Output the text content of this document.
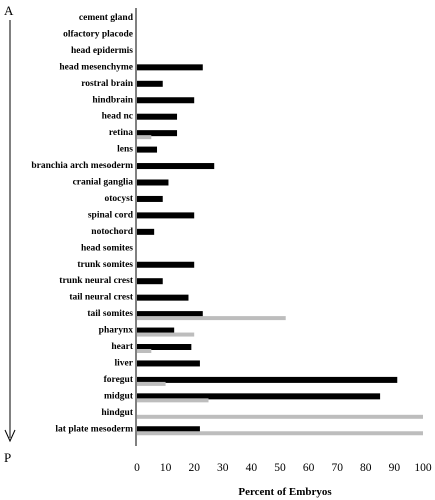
A
P
cement gland
olfactory placode
head epidermis
head mesenchyme
rostral brain
hindbrain
head nc
retina
lens
branchia arch mesoderm
cranial ganglia
otocyst
spinal cord
notochord
head somites
trunk somites
trunk neural crest
tail neural crest
tail somites
pharynx
heart
liver
foregut
midgut
hindgut
lat plate mesoderm
0 10 20 30 40 50 60 70 80 90 100
Percent of Embryos
